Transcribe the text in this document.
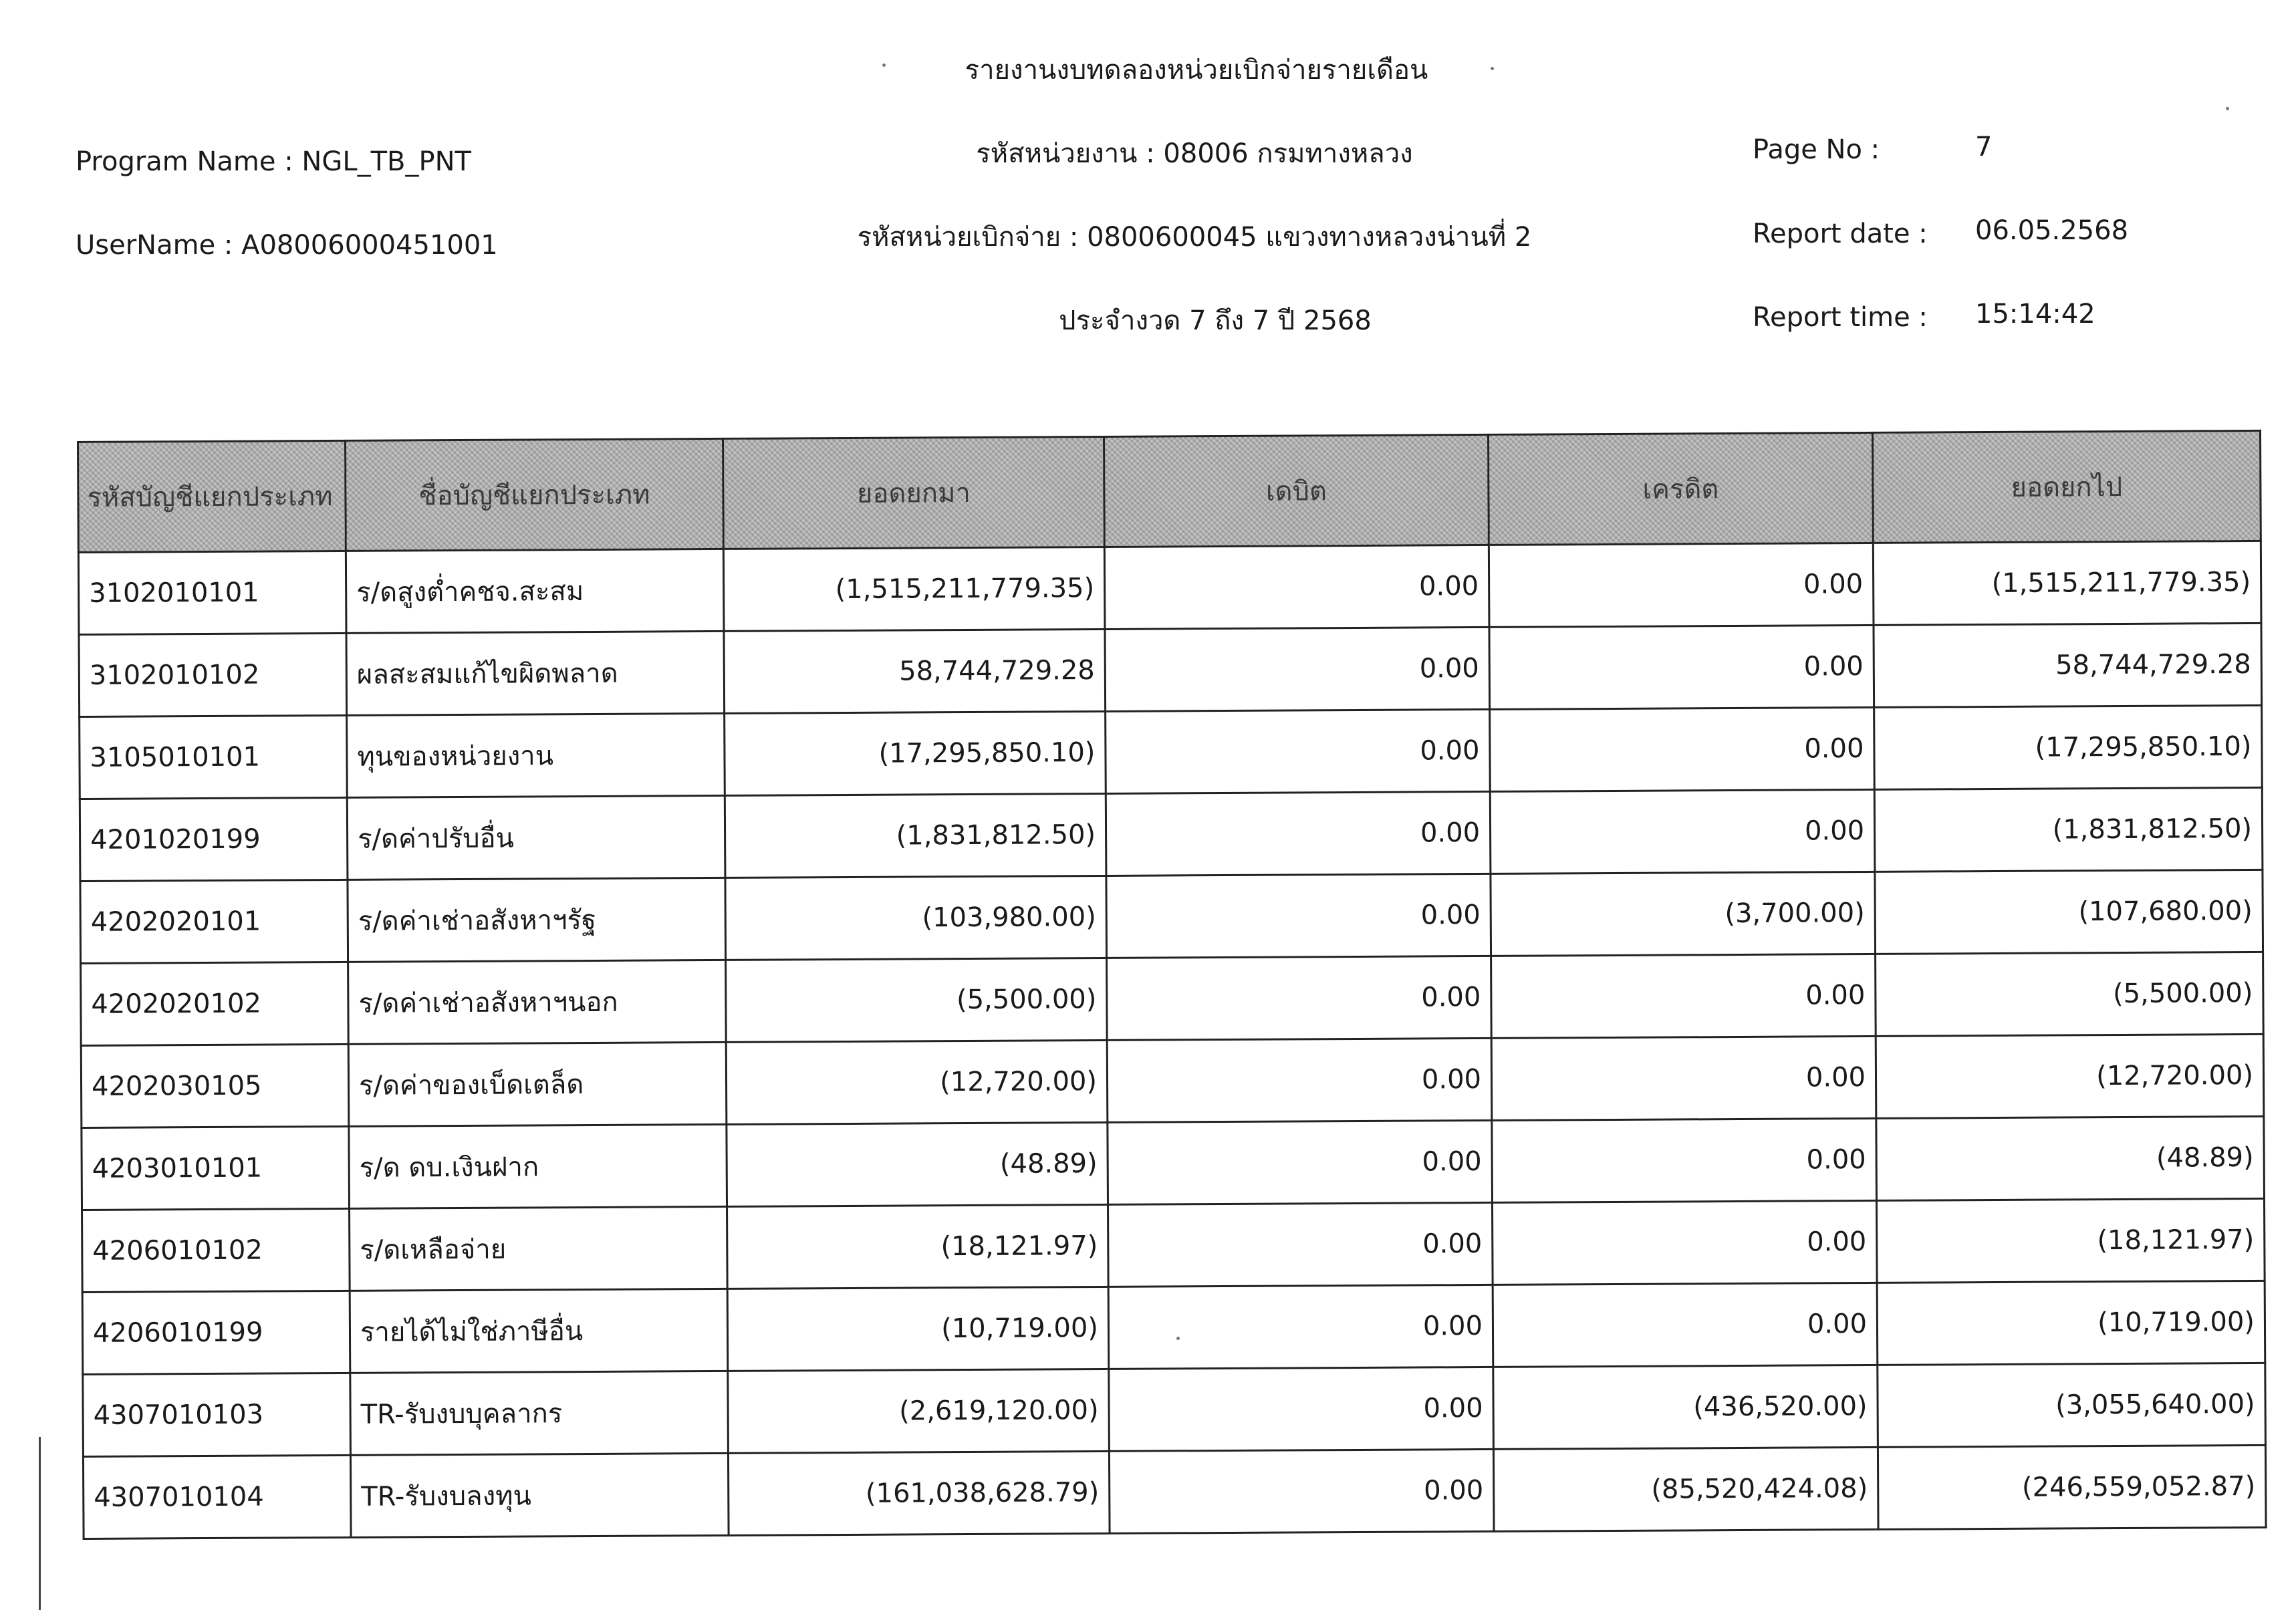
รายงานงบทดลองหน่วยเบิกจ่ายรายเดือน
Program Name : NGL_TB_PNT	รหัสหน่วยงาน : 08006 กรมทางหลวง	Page No :	7
UserName : A08006000451001	รหัสหน่วยเบิกจ่าย : 0800600045 แขวงทางหลวงน่านที่ 2	Report date : 06.05.2568
ประจำงวด 7 ถึง 7 ปี 2568	Report time : 15:14:42
รหัสบัญชีแยกประเภท	ชื่อบัญชีแยกประเภท	ยอดยกมา	เดบิต	เครดิต	ยอดยกไป
3102010101	ร/ดสูงต่ำคชจ.สะสม	(1,515,211,779.35)	0.00	0.00	(1,515,211,779.35)
3102010102	ผลสะสมแก้ไขผิดพลาด	58,744,729.28	0.00	0.00	58,744,729.28
3105010101	ทุนของหน่วยงาน	(17,295,850.10)	0.00	0.00	(17,295,850.10)
4201020199	ร/ดค่าปรับอื่น	(1,831,812.50)	0.00	0.00	(1,831,812.50)
4202020101	ร/ดค่าเช่าอสังหาฯรัฐ	(103,980.00)	0.00	(3,700.00)	(107,680.00)
4202020102	ร/ดค่าเช่าอสังหาฯนอก	(5,500.00)	0.00	0.00	(5,500.00)
4202030105	ร/ดค่าของเบ็ดเตล็ด	(12,720.00)	0.00	0.00	(12,720.00)
4203010101	ร/ด ดบ.เงินฝาก	(48.89)	0.00	0.00	(48.89)
4206010102	ร/ดเหลือจ่าย	(18,121.97)	0.00	0.00	(18,121.97)
4206010199	รายได้ไม่ใช่ภาษีอื่น	(10,719.00)	0.00	0.00	(10,719.00)
4307010103	TR-รับงบบุคลากร	(2,619,120.00)	0.00	(436,520.00)	(3,055,640.00)
4307010104	TR-รับงบลงทุน	(161,038,628.79)	0.00	(85,520,424.08)	(246,559,052.87)
